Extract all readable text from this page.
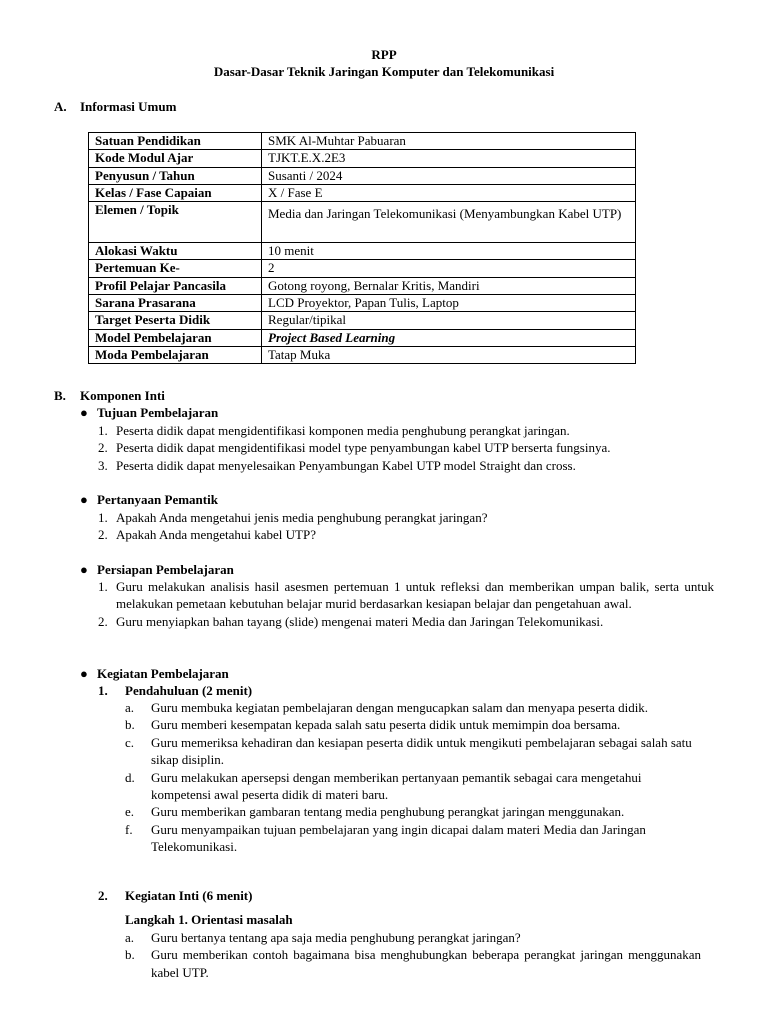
RPP
Dasar-Dasar Teknik Jaringan Komputer dan Telekomunikasi
A. Informasi Umum
Satuan Pendidikan	SMK Al-Muhtar Pabuaran
Kode Modul Ajar	TJKT.E.X.2E3
Penyusun / Tahun	Susanti / 2024
Kelas / Fase Capaian	X / Fase E
Elemen / Topik	Media dan Jaringan Telekomunikasi (Menyambungkan Kabel UTP)
Alokasi Waktu	10 menit
Pertemuan Ke-	2
Profil Pelajar Pancasila	Gotong royong, Bernalar Kritis, Mandiri
Sarana Prasarana	LCD Proyektor, Papan Tulis, Laptop
Target Peserta Didik	Regular/tipikal
Model Pembelajaran	Project Based Learning
Moda Pembelajaran	Tatap Muka
B. Komponen Inti
● Tujuan Pembelajaran
1. Peserta didik dapat mengidentifikasi komponen media penghubung perangkat jaringan.
2. Peserta didik dapat mengidentifikasi model type penyambungan kabel UTP berserta fungsinya.
3. Peserta didik dapat menyelesaikan Penyambungan Kabel UTP model Straight dan cross.
● Pertanyaan Pemantik
1. Apakah Anda mengetahui jenis media penghubung perangkat jaringan?
2. Apakah Anda mengetahui kabel UTP?
● Persiapan Pembelajaran
1. Guru melakukan analisis hasil asesmen pertemuan 1 untuk refleksi dan memberikan umpan balik, serta untuk melakukan pemetaan kebutuhan belajar murid berdasarkan kesiapan belajar dan pengetahuan awal.
2. Guru menyiapkan bahan tayang (slide) mengenai materi Media dan Jaringan Telekomunikasi.
● Kegiatan Pembelajaran
1. Pendahuluan (2 menit)
a. Guru membuka kegiatan pembelajaran dengan mengucapkan salam dan menyapa peserta didik.
b. Guru memberi kesempatan kepada salah satu peserta didik untuk memimpin doa bersama.
c. Guru memeriksa kehadiran dan kesiapan peserta didik untuk mengikuti pembelajaran sebagai salah satu sikap disiplin.
d. Guru melakukan apersepsi dengan memberikan pertanyaan pemantik sebagai cara mengetahui kompetensi awal peserta didik di materi baru.
e. Guru memberikan gambaran tentang media penghubung perangkat jaringan menggunakan.
f. Guru menyampaikan tujuan pembelajaran yang ingin dicapai dalam materi Media dan Jaringan Telekomunikasi.
2. Kegiatan Inti (6 menit)
Langkah 1. Orientasi masalah
a. Guru bertanya tentang apa saja media penghubung perangkat jaringan?
b. Guru memberikan contoh bagaimana bisa menghubungkan beberapa perangkat jaringan menggunakan kabel UTP.
